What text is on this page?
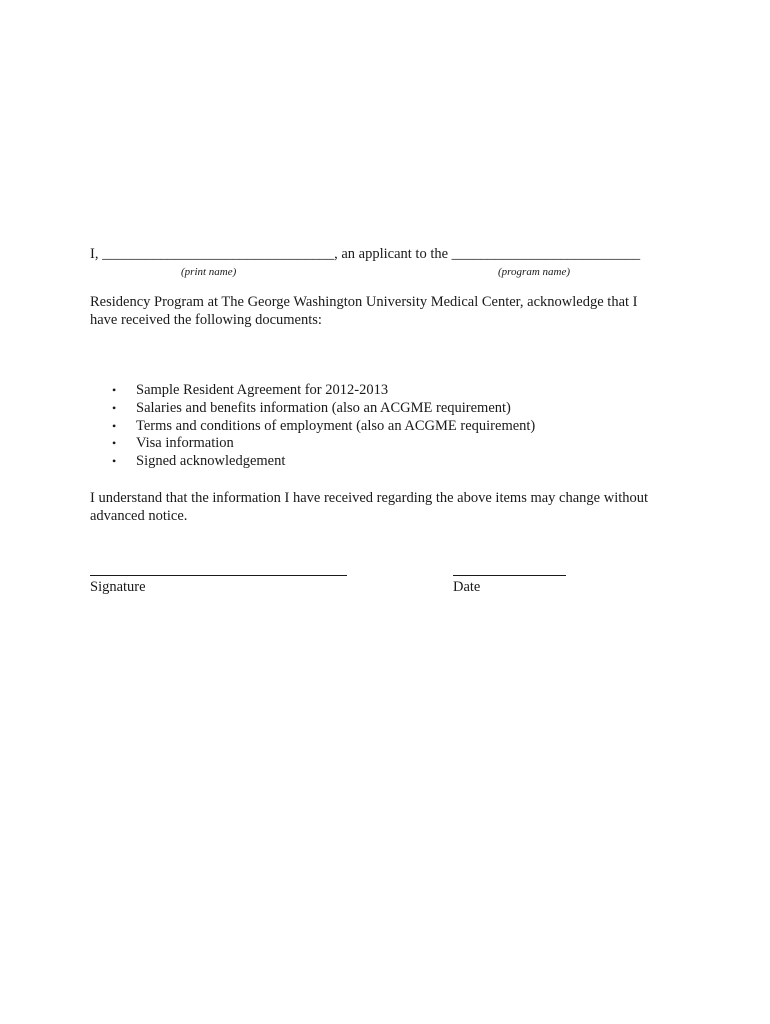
I, ________________________________, an applicant to the __________________________
(print name)	(program name)
Residency Program at The George Washington University Medical Center, acknowledge that I
have received the following documents:
• Sample Resident Agreement for 2012-2013
• Salaries and benefits information (also an ACGME requirement)
• Terms and conditions of employment (also an ACGME requirement)
• Visa information
• Signed acknowledgement
I understand that the information I have received regarding the above items may change without
advanced notice.
Signature	Date
